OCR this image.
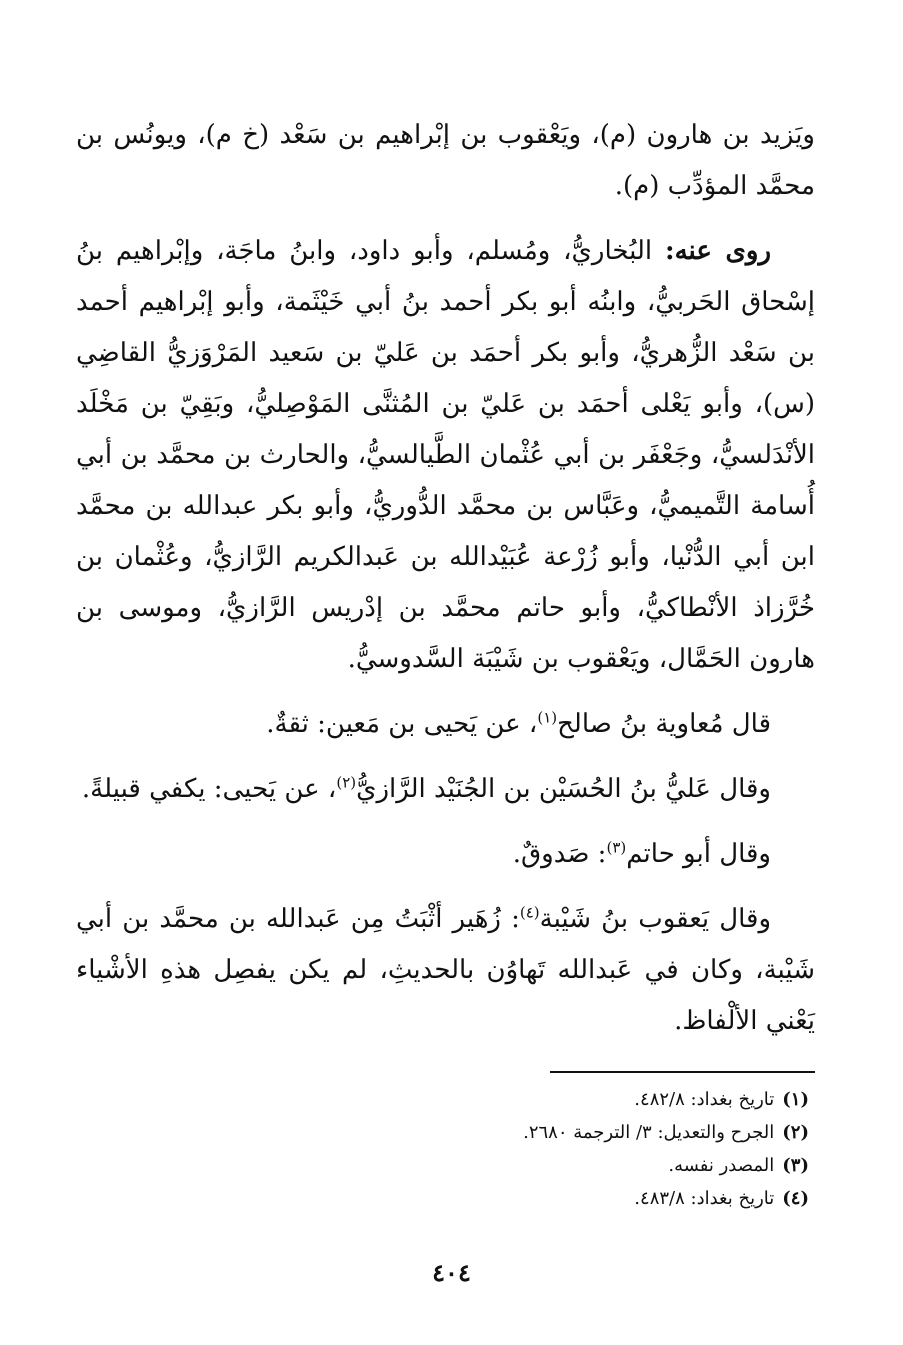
ويَزيد بن هارون (م)، ويَعْقوب بن إبْراهيم بن سَعْد (خ م)، ويونُس بن محمَّد المؤدِّب (م).

روى عنه: البُخاريُّ، ومُسلم، وأبو داود، وابنُ ماجَة، وإبْراهيم بنُ إسْحاق الحَربيُّ، وابنُه أبو بكر أحمد بنُ أبي خَيْثَمة، وأبو إبْراهيم أحمد بن سَعْد الزُّهريُّ، وأبو بكر أحمَد بن عَليّ بن سَعيد المَرْوَزيُّ القاضِي (س)، وأبو يَعْلى أحمَد بن عَليّ بن المُثنَّى المَوْصِليُّ، وبَقِيّ بن مَخْلَد الأنْدَلسيُّ، وجَعْفَر بن أبي عُثْمان الطَّيالسيُّ، والحارث بن محمَّد بن أبي أُسامة التَّميميُّ، وعَبَّاس بن محمَّد الدُّوريُّ، وأبو بكر عبدالله بن محمَّد ابن أبي الدُّنْيا، وأبو زُرْعة عُبَيْدالله بن عَبدالكريم الرَّازيُّ، وعُثْمان بن خُرَّزاذ الأنْطاكيُّ، وأبو حاتم محمَّد بن إدْريس الرَّازيُّ، وموسى بن هارون الحَمَّال، ويَعْقوب بن شَيْبَة السَّدوسيُّ.

قال مُعاوية بنُ صالح$^{(١)}$، عن يَحيى بن مَعين: ثقةٌ.

وقال عَليُّ بنُ الحُسَيْن بن الجُنَيْد الرَّازيُّ$^{(٢)}$، عن يَحيى: يكفي قبيلةً.

وقال أبو حاتم$^{(٣)}$: صَدوقٌ.

وقال يَعقوب بنُ شَيْبة$^{(٤)}$: زُهَير أثْبَتُ مِن عَبدالله بن محمَّد بن أبي شَيْبة، وكان في عَبدالله تَهاوُن بالحديثِ، لم يكن يفصِل هذهِ الأشْياء يَعْني الألْفاظ.

(١)تاريخ بغداد: ٤٨٢/٨.

(٢)الجرح والتعديل: ٣/ الترجمة ٢٦٨٠.

(٣)المصدر نفسه.

(٤)تاريخ بغداد: ٤٨٣/٨.

٤٠٤
